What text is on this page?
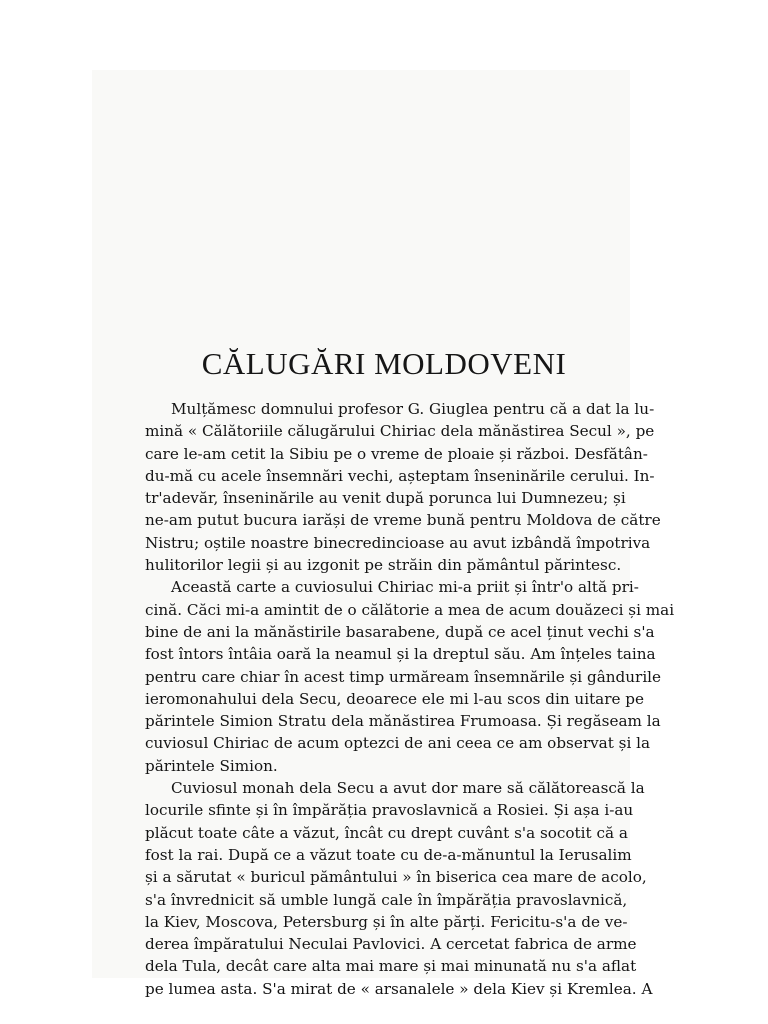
CĂLUGĂRI MOLDOVENI
Mulțămesc domnului profesor G. Giuglea pentru că a dat la lu-
mină « Călătoriile călugărului Chiriac dela mănăstirea Secul », pe
care le-am cetit la Sibiu pe o vreme de ploaie și război. Desfătân-
du-mă cu acele însemnări vechi, așteptam înseninările cerului. In-
tr'adevăr, înseninările au venit după porunca lui Dumnezeu; și
ne-am putut bucura iarăși de vreme bună pentru Moldova de către
Nistru; oștile noastre binecredincioase au avut izbândă împotriva
hulitorilor legii și au izgonit pe străin din pământul părintesc.
Această carte a cuviosului Chiriac mi-a priit și într'o altă pri-
cină. Căci mi-a amintit de o călătorie a mea de acum douăzeci și mai
bine de ani la mănăstirile basarabene, după ce acel ținut vechi s'a
fost întors întâia oară la neamul și la dreptul său. Am înțeles taina
pentru care chiar în acest timp urmăream însemnările și gândurile
ieromonahului dela Secu, deoarece ele mi l-au scos din uitare pe
părintele Simion Stratu dela mănăstirea Frumoasa. Și regăseam la
cuviosul Chiriac de acum optezci de ani ceea ce am observat și la
părintele Simion.
Cuviosul monah dela Secu a avut dor mare să călătorească la
locurile sfinte și în împărăția pravoslavnică a Rosiei. Și așa i-au
plăcut toate câte a văzut, încât cu drept cuvânt s'a socotit că a
fost la rai. După ce a văzut toate cu de-a-mănuntul la Ierusalim
și a sărutat « buricul pământului » în biserica cea mare de acolo,
s'a învrednicit să umble lungă cale în împărăția pravoslavnică,
la Kiev, Moscova, Petersburg și în alte părți. Fericitu-s'a de ve-
derea împăratului Neculai Pavlovici. A cercetat fabrica de arme
dela Tula, decât care alta mai mare și mai minunată nu s'a aflat
pe lumea asta. S'a mirat de « arsanalele » dela Kiev și Kremlea. A
